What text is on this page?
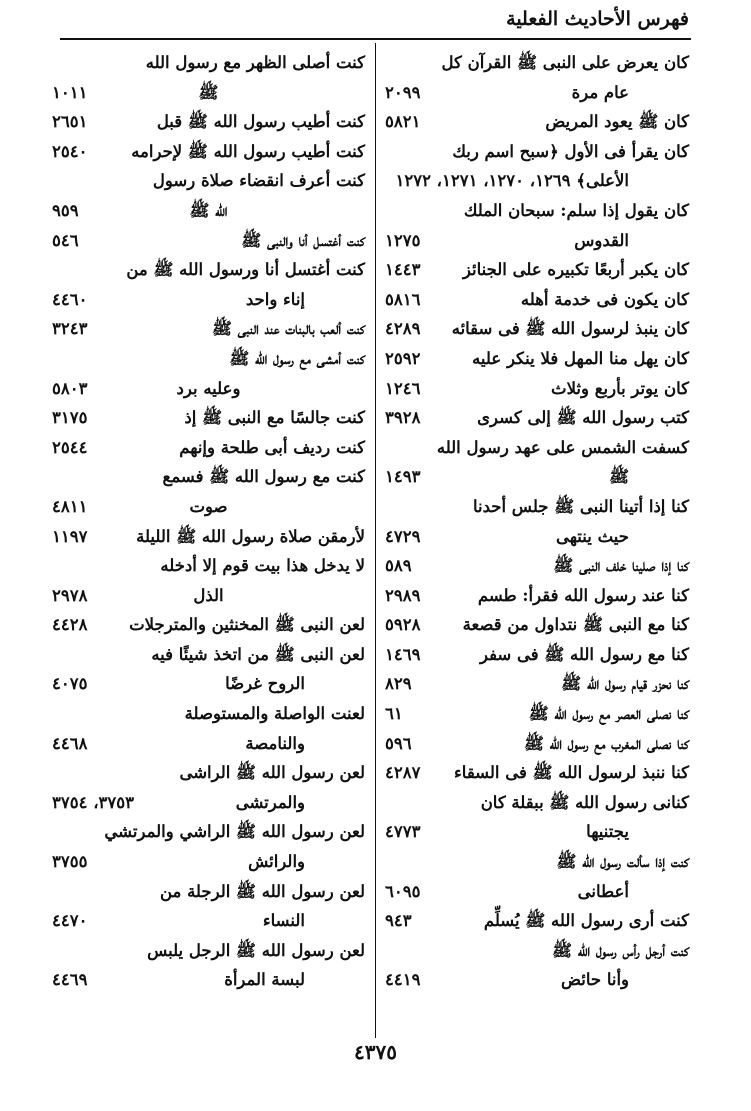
فهرس الأحاديث الفعلية
كان يعرض على النبى ﷺ القرآن كل
عام مرة
٢٠٩٩
كان ﷺ يعود المريض
٥٨٢١
كان يقرأ فى الأول ﴿سبح اسم ربك
الأعلى﴾ ١٢٦٩، ١٢٧٠، ١٢٧١، ١٢٧٢
كان يقول إذا سلم: سبحان الملك
القدوس
١٢٧٥
كان يكبر أربعًا تكبيره على الجنائز
١٤٤٣
كان يكون فى خدمة أهله
٥٨١٦
كان ينبذ لرسول الله ﷺ فى سقائه
٤٢٨٩
كان يهل منا المهل فلا ينكر عليه
٢٥٩٢
كان يوتر بأربع وثلاث
١٢٤٦
كتب رسول الله ﷺ إلى كسرى
٣٩٢٨
كسفت الشمس على عهد رسول الله
ﷺ
١٤٩٣
كنا إذا أتينا النبى ﷺ جلس أحدنا
حيث ينتهى
٤٧٢٩
كنا إذا صلينا خلف النبى ﷺ
٥٨٩
كنا عند رسول الله فقرأ: طسم
٢٩٨٩
كنا مع النبى ﷺ نتداول من قصعة
٥٩٢٨
كنا مع رسول الله ﷺ فى سفر
١٤٦٩
كنا نحزر قيام رسول الله ﷺ
٨٢٩
كنا نصلى العصر مع رسول الله ﷺ
٦١
كنا نصلى المغرب مع رسول الله ﷺ
٥٩٦
كنا ننبذ لرسول الله ﷺ فى السقاء
٤٢٨٧
كنانى رسول الله ﷺ ببقلة كان
يجتنيها
٤٧٧٣
كنت إذا سألت رسول الله ﷺ
أعطانى
٦٠٩٥
كنت أرى رسول الله ﷺ يُسلِّم
٩٤٣
كنت أرجل رأس رسول الله ﷺ
وأنا حائض
٤٤١٩
كنت أصلى الظهر مع رسول الله
ﷺ
١٠١١
كنت أطيب رسول الله ﷺ قبل
٢٦٥١
كنت أطيب رسول الله ﷺ لإحرامه
٢٥٤٠
كنت أعرف انقضاء صلاة رسول
الله ﷺ
٩٥٩
كنت أغتسل أنا والنبى ﷺ
٥٤٦
كنت أغتسل أنا ورسول الله ﷺ من
إناء واحد
٤٤٦٠
كنت ألعب بالبنات عند النبى ﷺ
٣٢٤٣
كنت أمشى مع رسول الله ﷺ
وعليه برد
٥٨٠٣
كنت جالسًا مع النبى ﷺ إذ
٣١٧٥
كنت رديف أبى طلحة وإنهم
٢٥٤٤
كنت مع رسول الله ﷺ فسمع
صوت
٤٨١١
لأرمقن صلاة رسول الله ﷺ الليلة
١١٩٧
لا يدخل هذا بيت قوم إلا أدخله
الذل
٢٩٧٨
لعن النبى ﷺ المخنثين والمترجلات
٤٤٢٨
لعن النبى ﷺ من اتخذ شيئًا فيه
الروح غرضًا
٤٠٧٥
لعنت الواصلة والمستوصلة
والنامصة
٤٤٦٨
لعن رسول الله ﷺ الراشى
والمرتشى
٣٧٥٣، ٣٧٥٤
لعن رسول الله ﷺ الراشي والمرتشي
والرائش
٣٧٥٥
لعن رسول الله ﷺ الرجلة من
النساء
٤٤٧٠
لعن رسول الله ﷺ الرجل يلبس
لبسة المرأة
٤٤٦٩
٤٣٧٥
